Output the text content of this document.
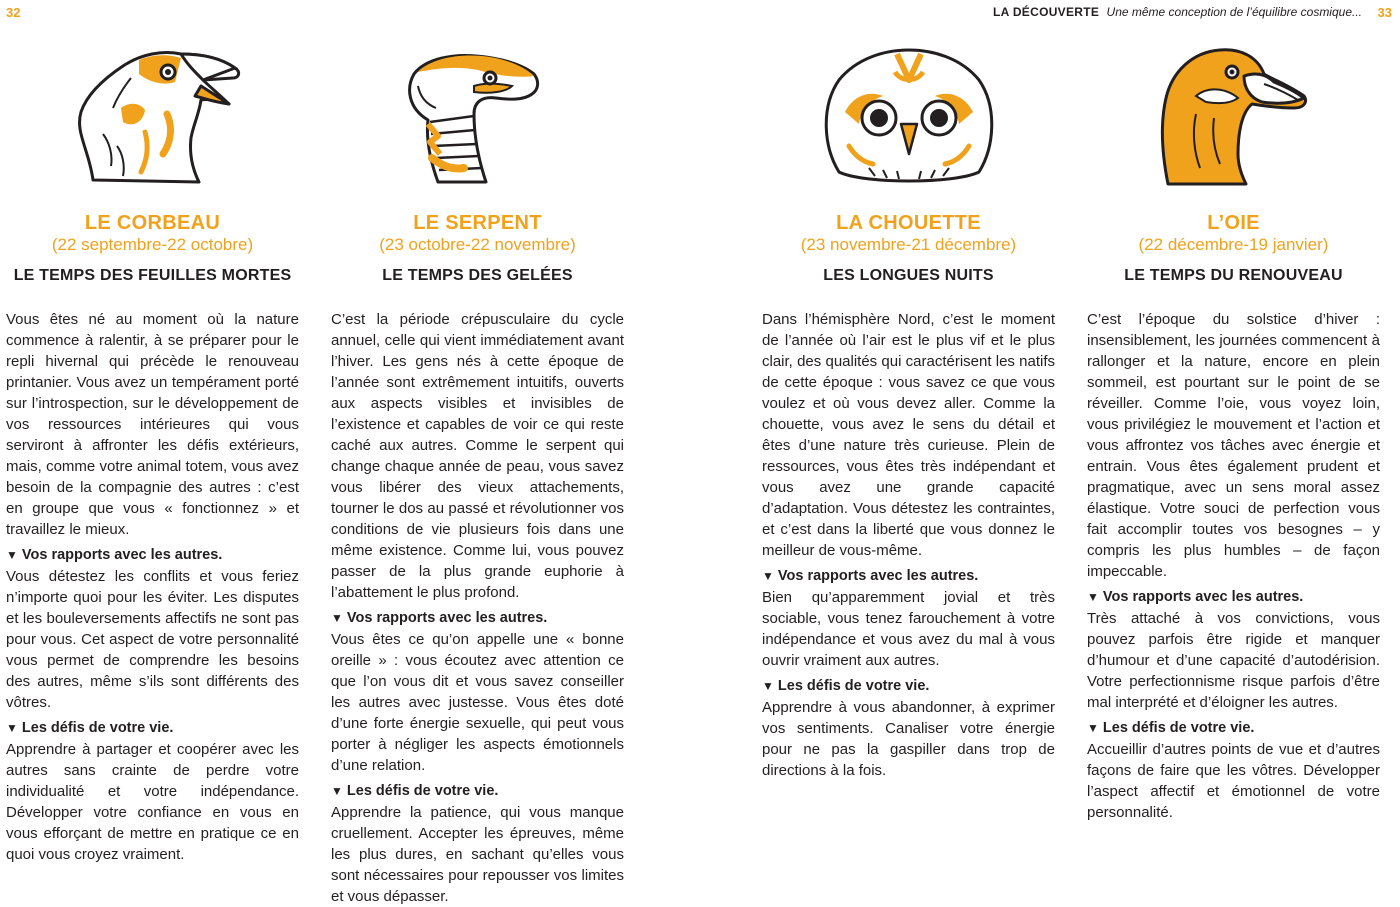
32	LA DÉCOUVERTE Une même conception de l’équilibre cosmique... 33
LE CORBEAU
(22 septembre-22 octobre)
LE TEMPS DES FEUILLES MORTES

Vous êtes né au moment où la nature commence à ralentir, à se préparer pour le repli hivernal qui précède le renouveau printanier. Vous avez un tempérament porté sur l’introspection, sur le développement de vos ressources intérieures qui vous serviront à affronter les défis extérieurs, mais, comme votre animal totem, vous avez besoin de la compagnie des autres : c’est en groupe que vous « fonctionnez » et travaillez le mieux.

▼ Vos rapports avec les autres.

Vous détestez les conflits et vous feriez n’importe quoi pour les éviter. Les disputes et les bouleversements affectifs ne sont pas pour vous. Cet aspect de votre personnalité vous permet de comprendre les besoins des autres, même s’ils sont différents des vôtres.

▼ Les défis de votre vie.

Apprendre à partager et coopérer avec les autres sans crainte de perdre votre individualité et votre indépendance. Développer votre confiance en vous en vous efforçant de mettre en pratique ce en quoi vous croyez vraiment.

LE SERPENT
(23 octobre-22 novembre)
LE TEMPS DES GELÉES

C’est la période crépusculaire du cycle annuel, celle qui vient immédiatement avant l’hiver. Les gens nés à cette époque de l’année sont extrêmement intuitifs, ouverts aux aspects visibles et invisibles de l’existence et capables de voir ce qui reste caché aux autres. Comme le serpent qui change chaque année de peau, vous savez vous libérer des vieux attachements, tourner le dos au passé et révolutionner vos conditions de vie plusieurs fois dans une même existence. Comme lui, vous pouvez passer de la plus grande euphorie à l’abattement le plus profond.

▼ Vos rapports avec les autres.

Vous êtes ce qu’on appelle une « bonne oreille » : vous écoutez avec attention ce que l’on vous dit et vous savez conseiller les autres avec justesse. Vous êtes doté d’une forte énergie sexuelle, qui peut vous porter à négliger les aspects émotionnels d’une relation.

▼ Les défis de votre vie.

Apprendre la patience, qui vous manque cruellement. Accepter les épreuves, même les plus dures, en sachant qu’elles vous sont nécessaires pour repousser vos limites et vous dépasser.

LA CHOUETTE
(23 novembre-21 décembre)
LES LONGUES NUITS

Dans l’hémisphère Nord, c’est le moment de l’année où l’air est le plus vif et le plus clair, des qualités qui caractérisent les natifs de cette époque : vous savez ce que vous voulez et où vous devez aller. Comme la chouette, vous avez le sens du détail et êtes d’une nature très curieuse. Plein de ressources, vous êtes très indépendant et vous avez une grande capacité d’adaptation. Vous détestez les contraintes, et c’est dans la liberté que vous donnez le meilleur de vous-même.

▼ Vos rapports avec les autres.

Bien qu’apparemment jovial et très sociable, vous tenez farouchement à votre indépendance et vous avez du mal à vous ouvrir vraiment aux autres.

▼ Les défis de votre vie.

Apprendre à vous abandonner, à exprimer vos sentiments. Canaliser votre énergie pour ne pas la gaspiller dans trop de directions à la fois.

L’OIE
(22 décembre-19 janvier)
LE TEMPS DU RENOUVEAU

C’est l’époque du solstice d’hiver : insensiblement, les journées commencent à rallonger et la nature, encore en plein sommeil, est pourtant sur le point de se réveiller. Comme l’oie, vous voyez loin, vous privilégiez le mouvement et l’action et vous affrontez vos tâches avec énergie et entrain. Vous êtes également prudent et pragmatique, avec un sens moral assez élastique. Votre souci de perfection vous fait accomplir toutes vos besognes – y compris les plus humbles – de façon impeccable.

▼ Vos rapports avec les autres.

Très attaché à vos convictions, vous pouvez parfois être rigide et manquer d’humour et d’une capacité d’autodérision. Votre perfectionnisme risque parfois d’être mal interprété et d’éloigner les autres.

▼ Les défis de votre vie.

Accueillir d’autres points de vue et d’autres façons de faire que les vôtres. Développer l’aspect affectif et émotionnel de votre personnalité.
